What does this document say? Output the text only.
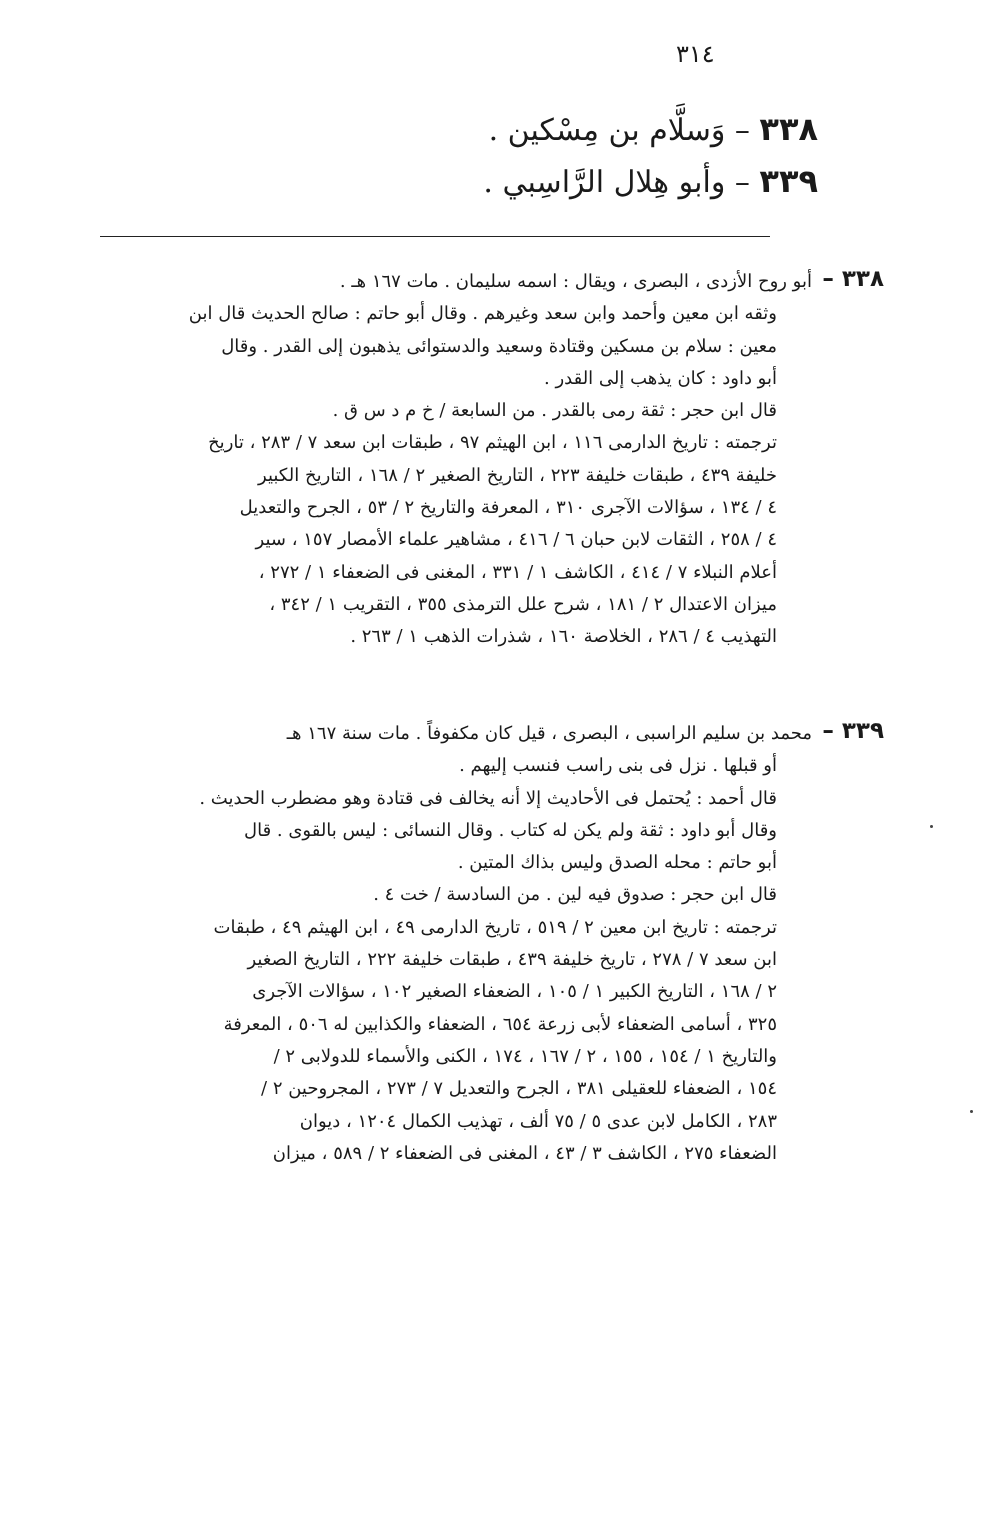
٣١٤
٣٣٨ – وَسلَّام بن مِسْكين .
٣٣٩ – وأبو هِلال الرَّاسِبي .
٣٣٨ –

أبو روح الأزدى ، البصرى ، ويقال : اسمه سليمان . مات ١٦٧ هـ .

وثقه ابن معين وأحمد وابن سعد وغيرهم . وقال أبو حاتم : صالح الحديث قال ابن

معين : سلام بن مسكين وقتادة وسعيد والدستوائى يذهبون إلى القدر . وقال

أبو داود : كان يذهب إلى القدر .

قال ابن حجر : ثقة رمى بالقدر . من السابعة / خ م د س ق .

ترجمته : تاريخ الدارمى ١١٦ ، ابن الهيثم ٩٧ ، طبقات ابن سعد ٧ / ٢٨٣ ، تاريخ

خليفة ٤٣٩ ، طبقات خليفة ٢٢٣ ، التاريخ الصغير ٢ / ١٦٨ ، التاريخ الكبير

٤ / ١٣٤ ، سؤالات الآجرى ٣١٠ ، المعرفة والتاريخ ٢ / ٥٣ ، الجرح والتعديل

٤ / ٢٥٨ ، الثقات لابن حبان ٦ / ٤١٦ ، مشاهير علماء الأمصار ١٥٧ ، سير

أعلام النبلاء ٧ / ٤١٤ ، الكاشف ١ / ٣٣١ ، المغنى فى الضعفاء ١ / ٢٧٢ ،

ميزان الاعتدال ٢ / ١٨١ ، شرح علل الترمذى ٣٥٥ ، التقريب ١ / ٣٤٢ ،

التهذيب ٤ / ٢٨٦ ، الخلاصة ١٦٠ ، شذرات الذهب ١ / ٢٦٣ .

٣٣٩ –

محمد بن سليم الراسبى ، البصرى ، قيل كان مكفوفاً . مات سنة ١٦٧ هـ

أو قبلها . نزل فى بنى راسب فنسب إليهم .

قال أحمد : يُحتمل فى الأحاديث إلا أنه يخالف فى قتادة وهو مضطرب الحديث .

وقال أبو داود : ثقة ولم يكن له كتاب . وقال النسائى : ليس بالقوى . قال

أبو حاتم : محله الصدق وليس بذاك المتين .

قال ابن حجر : صدوق فيه لين . من السادسة / خت ٤ .

ترجمته : تاريخ ابن معين ٢ / ٥١٩ ، تاريخ الدارمى ٤٩ ، ابن الهيثم ٤٩ ، طبقات

ابن سعد ٧ / ٢٧٨ ، تاريخ خليفة ٤٣٩ ، طبقات خليفة ٢٢٢ ، التاريخ الصغير

٢ / ١٦٨ ، التاريخ الكبير ١ / ١٠٥ ، الضعفاء الصغير ١٠٢ ، سؤالات الآجرى

٣٢٥ ، أسامى الضعفاء لأبى زرعة ٦٥٤ ، الضعفاء والكذابين له ٥٠٦ ، المعرفة

والتاريخ ١ / ١٥٤ ، ١٥٥ ، ٢ / ١٦٧ ، ١٧٤ ، الكنى والأسماء للدولابى ٢ /

١٥٤ ، الضعفاء للعقيلى ٣٨١ ، الجرح والتعديل ٧ / ٢٧٣ ، المجروحين ٢ /

٢٨٣ ، الكامل لابن عدى ٥ / ٧٥ ألف ، تهذيب الكمال ١٢٠٤ ، ديوان

الضعفاء ٢٧٥ ، الكاشف ٣ / ٤٣ ، المغنى فى الضعفاء ٢ / ٥٨٩ ، ميزان
